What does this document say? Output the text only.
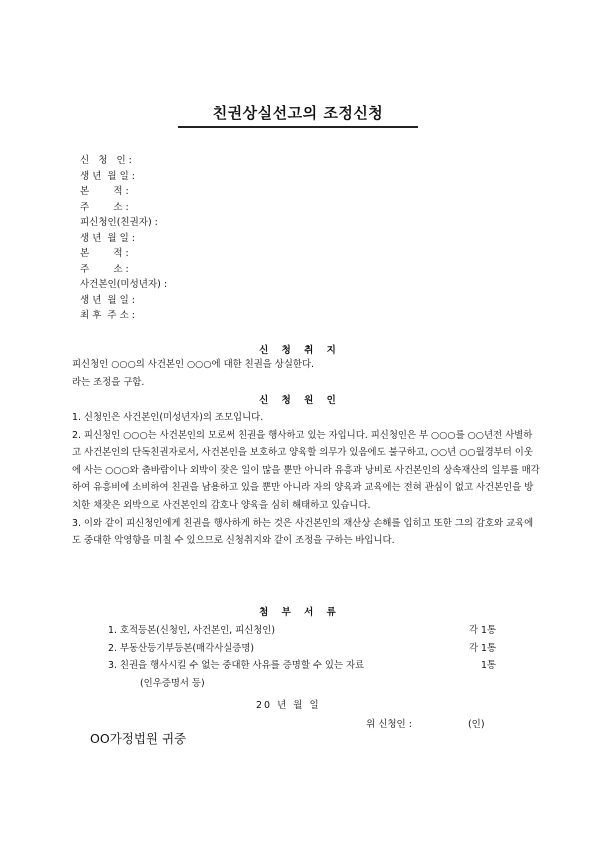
친권상실선고의 조정신청
신   청   인 :
생 년  월 일 :
본        적 :
주        소 :
피신청인(친권자) :
생 년  월 일 :
본        적 :
주        소 :
사건본인(미성년자) :
생 년  월 일 :
최 후  주 소 :
신 청 취 지

피신청인 ○○○의 사건본인 ○○○에 대한 친권을 상실한다.

라는 조정을 구함.

신 청 원 인

1. 신청인은 사건본인(미성년자)의 조모입니다.

2. 피신청인 ○○○는 사건본인의 모로써 친권을 행사하고 있는 자입니다. 피신청인은 부 ○○○를 ○○년전 사별하고 사건본인의 단독친권자로서, 사건본인을 보호하고 양육할 의무가 있음에도 불구하고, ○○년 ○○월경부터 이웃에 사는 ○○○와 춤바람이나 외박이 잦은 일이 많을 뿐만 아니라 유흥과 낭비로 사건본인의 상속재산의 일부를 매각하여 유흥비에 소비하여 친권을 남용하고 있을 뿐만 아니라 자의 양육과 교육에는 전혀 관심이 없고 사건본인을 방치한 채잦은 외박으로 사건본인의 감호나 양육을 심히 해태하고 있습니다.

3. 이와 같이 피신청인에게 친권을 행사하게 하는 것은 사건본인의 재산상 손해를 입히고 또한 그의 감호와 교육에도 중대한 악영향을 미칠 수 있으므로 신청취지와 같이 조정을 구하는 바입니다.

첨 부 서 류
1. 호적등본(신청인, 사건본인, 피신청인)	각 1통
2. 부동산등기부등본(매각사실증명)	각 1통
3. 친권을 행사시킬 수 없는 중대한 사유를 증명할 수 있는 자료	1통
(인우증명서 등)
20 년 월 일
위 신청인 :	(인)
OO가정법원 귀중
